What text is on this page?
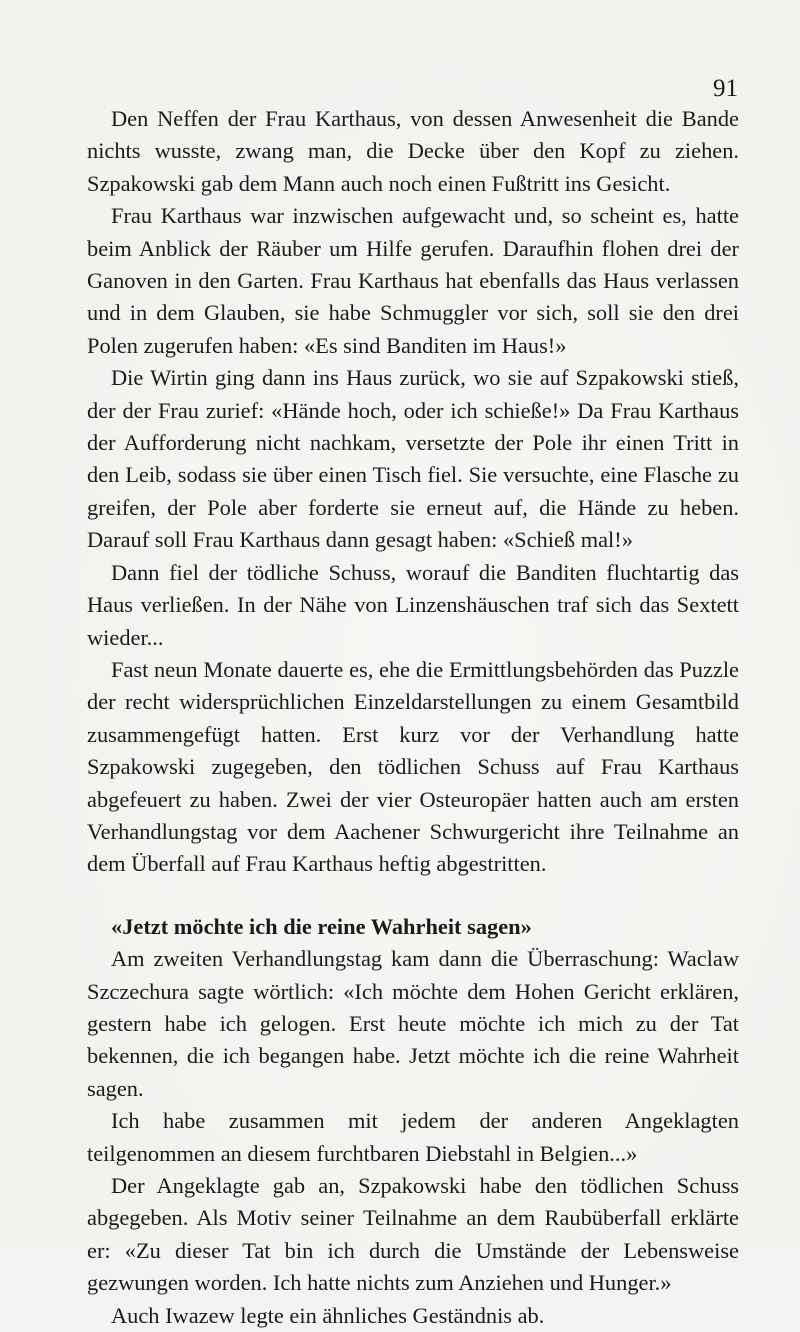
91

Den Neffen der Frau Karthaus, von dessen Anwesenheit die Bande nichts wusste, zwang man, die Decke über den Kopf zu ziehen. Szpakowski gab dem Mann auch noch einen Fußtritt ins Gesicht.

Frau Karthaus war inzwischen aufgewacht und, so scheint es, hatte beim Anblick der Räuber um Hilfe gerufen. Daraufhin flohen drei der Ganoven in den Garten. Frau Karthaus hat ebenfalls das Haus verlassen und in dem Glauben, sie habe Schmuggler vor sich, soll sie den drei Polen zugerufen haben: «Es sind Banditen im Haus!»

Die Wirtin ging dann ins Haus zurück, wo sie auf Szpakowski stieß, der der Frau zurief: «Hände hoch, oder ich schieße!» Da Frau Karthaus der Aufforderung nicht nachkam, versetzte der Pole ihr einen Tritt in den Leib, sodass sie über einen Tisch fiel. Sie versuchte, eine Flasche zu greifen, der Pole aber forderte sie erneut auf, die Hände zu heben. Darauf soll Frau Karthaus dann gesagt haben: «Schieß mal!»

Dann fiel der tödliche Schuss, worauf die Banditen fluchtartig das Haus verließen. In der Nähe von Linzenshäuschen traf sich das Sextett wieder...

Fast neun Monate dauerte es, ehe die Ermittlungsbehörden das Puzzle der recht widersprüchlichen Einzeldarstellungen zu einem Gesamtbild zusammengefügt hatten. Erst kurz vor der Verhandlung hatte Szpakowski zugegeben, den tödlichen Schuss auf Frau Karthaus abgefeuert zu haben. Zwei der vier Osteuropäer hatten auch am ersten Verhandlungstag vor dem Aachener Schwurgericht ihre Teilnahme an dem Überfall auf Frau Karthaus heftig abgestritten.

«Jetzt möchte ich die reine Wahrheit sagen»

Am zweiten Verhandlungstag kam dann die Überraschung: Waclaw Szczechura sagte wörtlich: «Ich möchte dem Hohen Gericht erklären, gestern habe ich gelogen. Erst heute möchte ich mich zu der Tat bekennen, die ich begangen habe. Jetzt möchte ich die reine Wahrheit sagen.

Ich habe zusammen mit jedem der anderen Angeklagten teilgenommen an diesem furchtbaren Diebstahl in Belgien...»

Der Angeklagte gab an, Szpakowski habe den tödlichen Schuss abgegeben. Als Motiv seiner Teilnahme an dem Raubüberfall erklärte er: «Zu dieser Tat bin ich durch die Umstände der Lebensweise gezwungen worden. Ich hatte nichts zum Anziehen und Hunger.»

Auch Iwazew legte ein ähnliches Geständnis ab.
